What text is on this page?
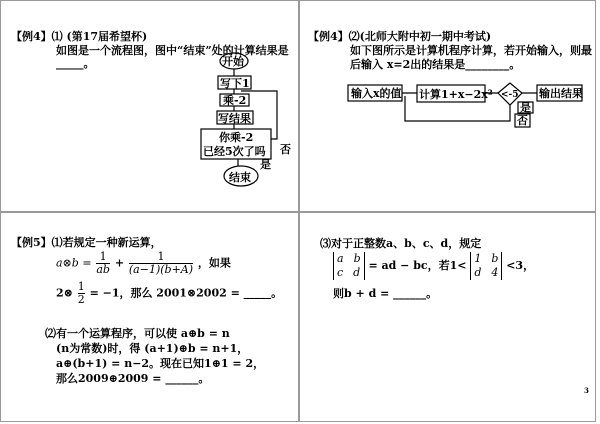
【例4】⑴ (第17届希望杯)
如图是一个流程图，图中“结束”处的计算结果是
_____。	开始
写下1
乘-2
写结果
你乘-2
已经5次了吗 否
是
结束
【例4】⑵(北师大附中初一期中考试)
如下图所示是计算机程序计算，若开始输入，则最
后输入 x=2出的结果是________。
输入x的值 计算1+x−2x² <-5 输出结果
是
否
【例5】⑴若规定一种新运算，
a⊗b = $\frac{1}{ab} + \frac{1}{(a-1)(b+A)}$ ，如果
2⊗ $\frac{1}{2} = -1$，那么 2001⊗2002 = _____。
⑵有一个运算程序，可以使 a⊕b = n
(n为常数)时，得 (a+1)⊕b = n+1，
a⊕(b+1) = n−2。现在已知1⊕1 = 2，
那么2009⊕2009 = ______。
⑶对于正整数a、b、c、d，规定
a b
c d
= ad − bc，若1<
1 b
d 4
<3，
则b + d = ______。
3
